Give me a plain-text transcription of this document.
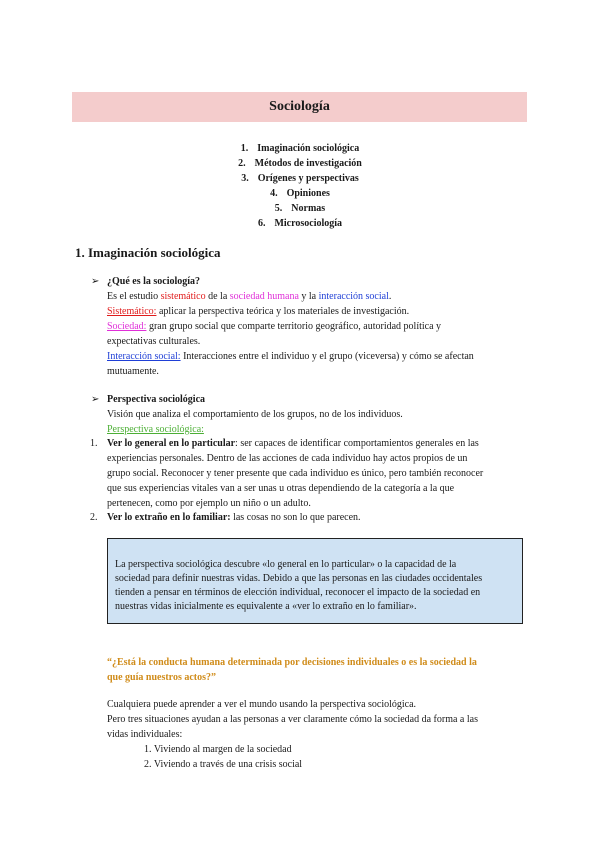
Sociología
1. Imaginación sociológica
2. Métodos de investigación
3. Orígenes y perspectivas
4. Opiniones
5. Normas
6. Microsociología
1. Imaginación sociológica
➢ ¿Qué es la sociología?
Es el estudio sistemático de la sociedad humana y la interacción social.
Sistemático: aplicar la perspectiva teórica y los materiales de investigación.
Sociedad: gran grupo social que comparte territorio geográfico, autoridad política y
expectativas culturales.
Interacción social: Interacciones entre el individuo y el grupo (viceversa) y cómo se afectan
mutuamente.
➢ Perspectiva sociológica
Visión que analiza el comportamiento de los grupos, no de los individuos.
Perspectiva sociológica:
1. Ver lo general en lo particular: ser capaces de identificar comportamientos generales en las
experiencias personales. Dentro de las acciones de cada individuo hay actos propios de un
grupo social. Reconocer y tener presente que cada individuo es único, pero también reconocer
que sus experiencias vitales van a ser unas u otras dependiendo de la categoría a la que
pertenecen, como por ejemplo un niño o un adulto.
2. Ver lo extraño en lo familiar: las cosas no son lo que parecen.
La perspectiva sociológica descubre «lo general en lo particular» o la capacidad de la
sociedad para definir nuestras vidas. Debido a que las personas en las ciudades occidentales
tienden a pensar en términos de elección individual, reconocer el impacto de la sociedad en
nuestras vidas inicialmente es equivalente a «ver lo extraño en lo familiar».
“¿Está la conducta humana determinada por decisiones individuales o es la sociedad la
que guía nuestros actos?”
Cualquiera puede aprender a ver el mundo usando la perspectiva sociológica.
Pero tres situaciones ayudan a las personas a ver claramente cómo la sociedad da forma a las
vidas individuales:
1. Viviendo al margen de la sociedad
2. Viviendo a través de una crisis social
